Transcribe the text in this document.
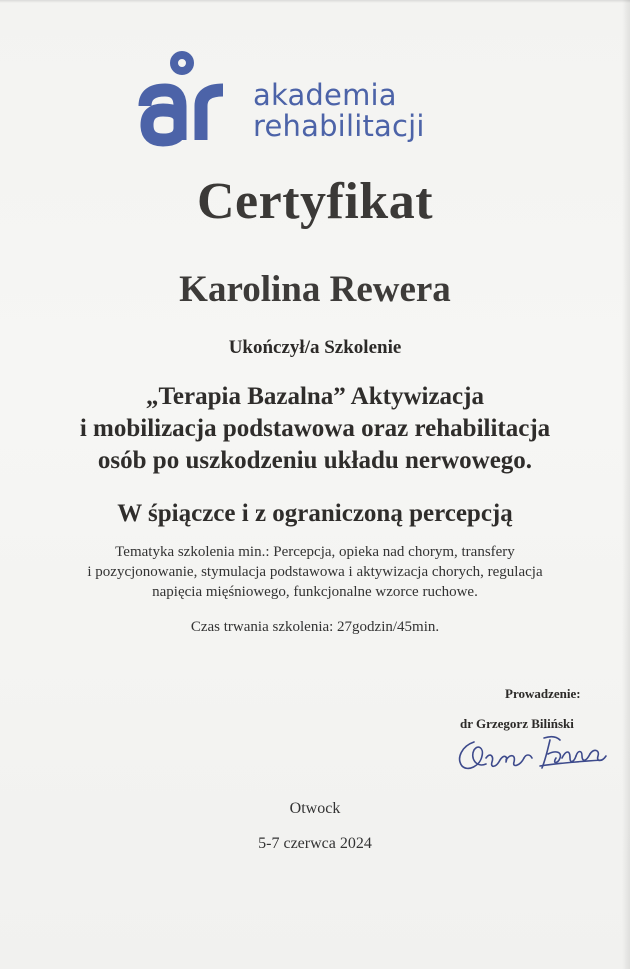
akademia
rehabilitacji
Certyfikat
Karolina Rewera
Ukończył/a Szkolenie
„Terapia Bazalna” Aktywizacja
i mobilizacja podstawowa oraz rehabilitacja
osób po uszkodzeniu układu nerwowego.
W śpiączce i z ograniczoną percepcją
Tematyka szkolenia min.: Percepcja, opieka nad chorym, transfery
i pozycjonowanie, stymulacja podstawowa i aktywizacja chorych, regulacja
napięcia mięśniowego, funkcjonalne wzorce ruchowe.
Czas trwania szkolenia: 27godzin/45min.
Prowadzenie:
dr Grzegorz Biliński
Otwock
5-7 czerwca 2024
